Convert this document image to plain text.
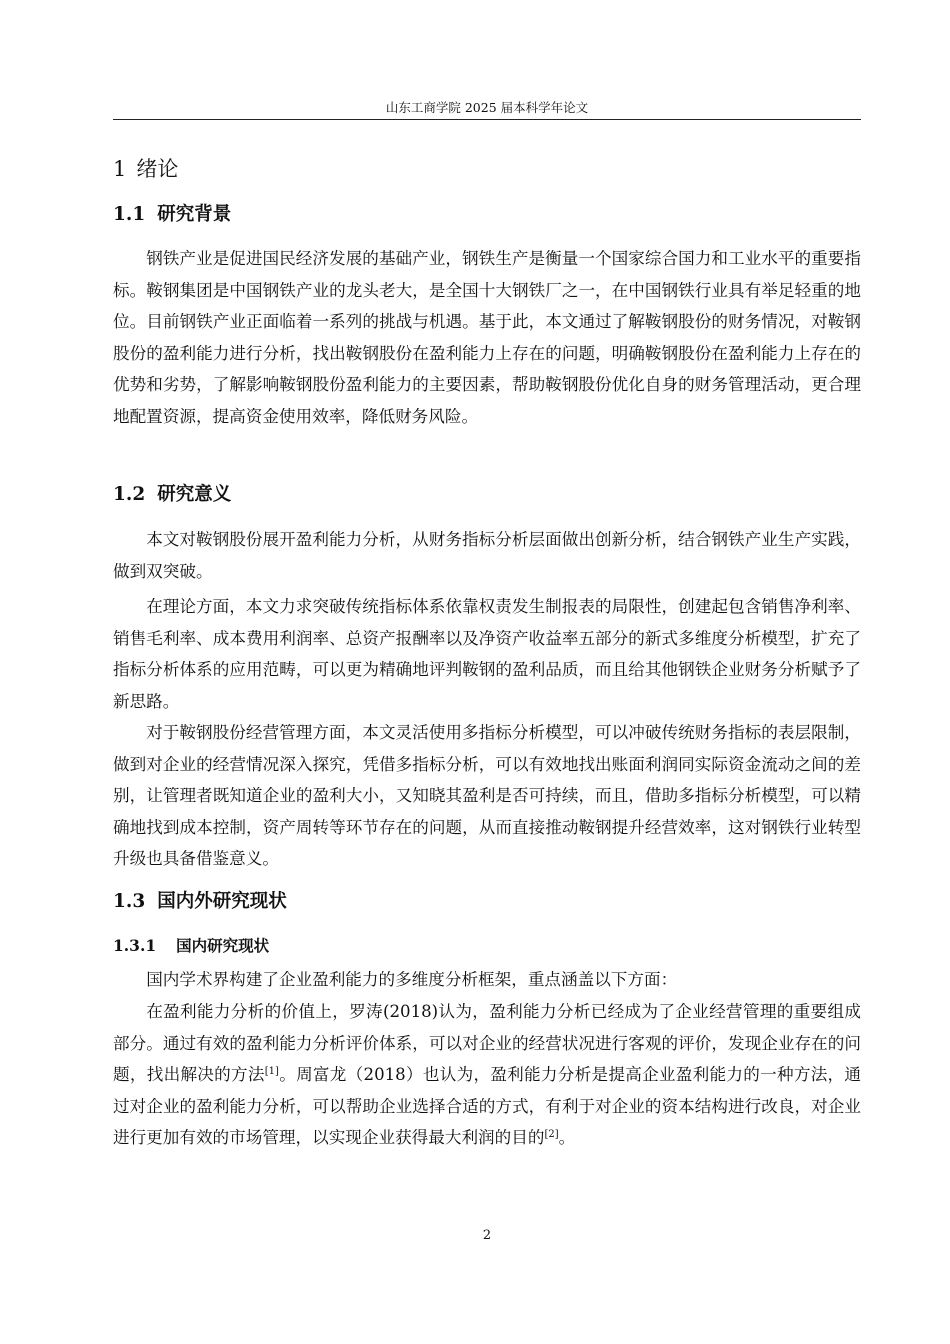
山东工商学院 2025 届本科学年论文
1 绪论
1.1 研究背景

钢铁产业是促进国民经济发展的基础产业，钢铁生产是衡量一个国家综合国力和工业水平的重要指标。鞍钢集团是中国钢铁产业的龙头老大，是全国十大钢铁厂之一，在中国钢铁行业具有举足轻重的地位。目前钢铁产业正面临着一系列的挑战与机遇。基于此，本文通过了解鞍钢股份的财务情况，对鞍钢股份的盈利能力进行分析，找出鞍钢股份在盈利能力上存在的问题，明确鞍钢股份在盈利能力上存在的优势和劣势，了解影响鞍钢股份盈利能力的主要因素，帮助鞍钢股份优化自身的财务管理活动，更合理地配置资源，提高资金使用效率，降低财务风险。

1.2 研究意义

本文对鞍钢股份展开盈利能力分析，从财务指标分析层面做出创新分析，结合钢铁产业生产实践，做到双突破。

在理论方面，本文力求突破传统指标体系依靠权责发生制报表的局限性，创建起包含销售净利率、销售毛利率、成本费用利润率、总资产报酬率以及净资产收益率五部分的新式多维度分析模型，扩充了指标分析体系的应用范畴，可以更为精确地评判鞍钢的盈利品质，而且给其他钢铁企业财务分析赋予了新思路。

对于鞍钢股份经营管理方面，本文灵活使用多指标分析模型，可以冲破传统财务指标的表层限制，做到对企业的经营情况深入探究，凭借多指标分析，可以有效地找出账面利润同实际资金流动之间的差别，让管理者既知道企业的盈利大小，又知晓其盈利是否可持续，而且，借助多指标分析模型，可以精确地找到成本控制，资产周转等环节存在的问题，从而直接推动鞍钢提升经营效率，这对钢铁行业转型升级也具备借鉴意义。

1.3 国内外研究现状
1.3.1 国内研究现状

国内学术界构建了企业盈利能力的多维度分析框架，重点涵盖以下方面：

在盈利能力分析的价值上，罗涛(2018)认为，盈利能力分析已经成为了企业经营管理的重要组成部分。通过有效的盈利能力分析评价体系，可以对企业的经营状况进行客观的评价，发现企业存在的问题，找出解决的方法[1]。周富龙（2018）也认为，盈利能力分析是提高企业盈利能力的一种方法，通过对企业的盈利能力分析，可以帮助企业选择合适的方式，有利于对企业的资本结构进行改良，对企业进行更加有效的市场管理，以实现企业获得最大利润的目的[2]。

2
